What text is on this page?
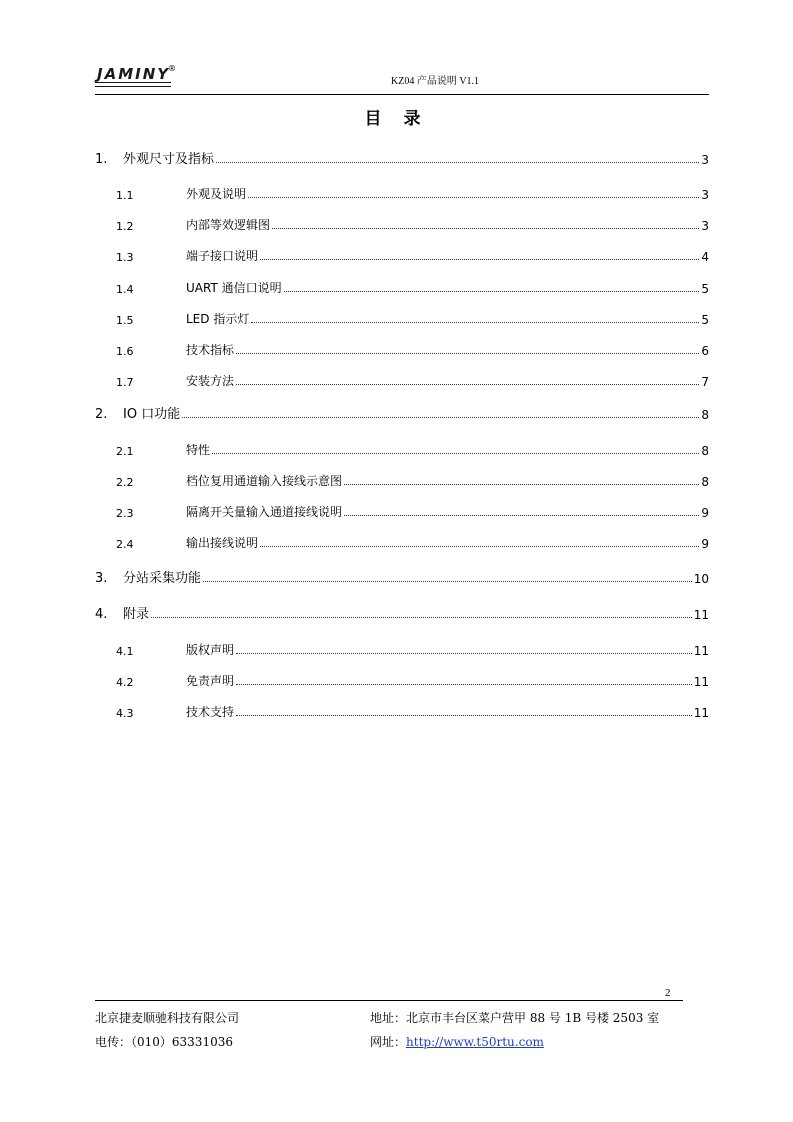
JAMINY
®
KZ04 产品说明 V1.1
目 录
1.	外观尺寸及指标	3
1.1	外观及说明	3
1.2	内部等效逻辑图	3
1.3	端子接口说明	4
1.4	UART 通信口说明	5
1.5	LED 指示灯	5
1.6	技术指标	6
1.7	安装方法	7
2.	IO 口功能	8
2.1	特性	8
2.2	档位复用通道输入接线示意图	8
2.3	隔离开关量输入通道接线说明	9
2.4	输出接线说明	9
3.	分站采集功能	10
4.	附录	11
4.1	版权声明	11
4.2	免责声明	11
4.3	技术支持	11
2
北京捷麦顺驰科技有限公司
电传：（010）63331036
地址：北京市丰台区菜户营甲 88 号 1B 号楼 2503 室
网址：http://www.t50rtu.com
